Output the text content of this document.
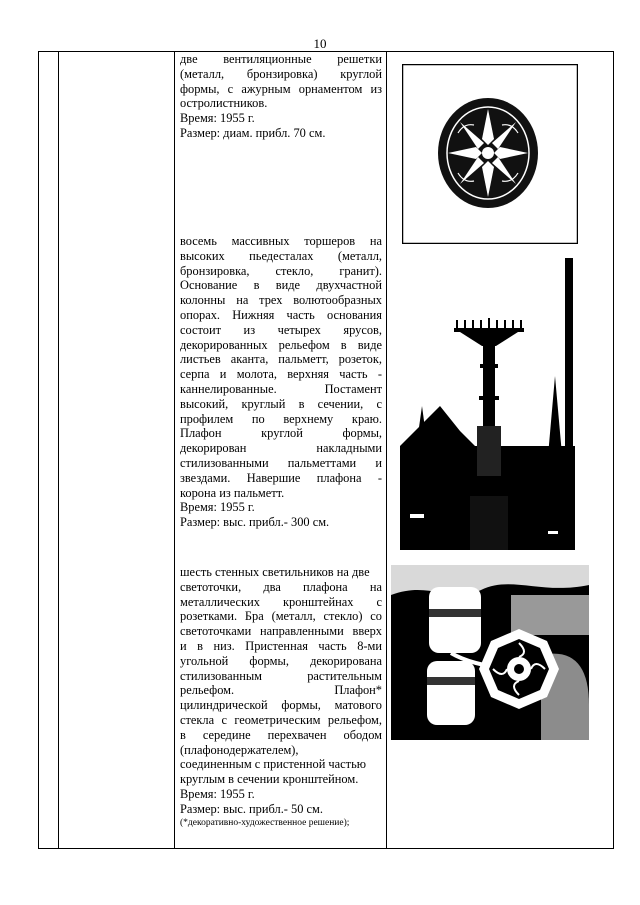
10

две вентиляционные решетки

(металл, бронзировка) круглой

формы, с ажурным орнаментом из

остролистников.

Время: 1955 г.

Размер: диам. прибл. 70 см.

восемь массивных торшеров на

высоких пьедесталах (металл,

бронзировка, стекло, гранит).

Основание в виде двухчастной

колонны на трех волютообразных

опорах. Нижняя часть основания

состоит из четырех ярусов,

декорированных рельефом в виде

листьев аканта, пальметт, розеток,

серпа и молота, верхняя часть -

каннелированные. Постамент

высокий, круглый в сечении, с

профилем по верхнему краю.

Плафон круглой формы,

декорирован накладными

стилизованными пальметтами и

звездами. Навершие плафона -

корона из пальметт.

Время: 1955 г.

Размер: выс. прибл.- 300 см.

шесть стенных светильников на две

светоточки, два плафона на

металлических кронштейнах с

розетками. Бра (металл, стекло) со

светоточками направленными вверх

и в низ. Пристенная часть 8-ми

угольной формы, декорирована

стилизованным растительным

рельефом. Плафон*

цилиндрической формы, матового

стекла с геометрическим рельефом,

в середине перехвачен ободом

(плафонодержателем),

соединенным с пристенной частью

круглым в сечении кронштейном.

Время: 1955 г.

Размер: выс. прибл.- 50 см.

(*декоративно-художественное решение);
